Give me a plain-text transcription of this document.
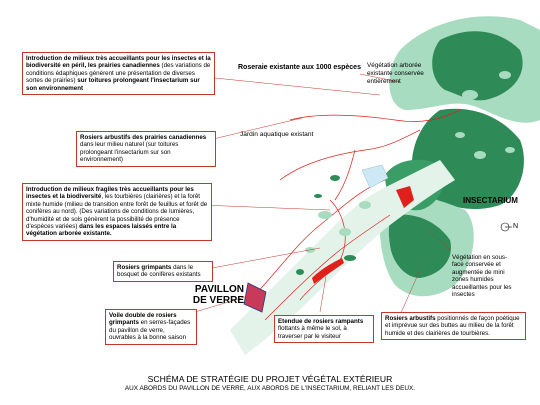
Introduction de milieux très accueillants pour les insectes et la biodiversité en péril, les prairies canadiennes (des variations de conditions édaphiques génèrent une présentation de diverses sortes de prairies) sur toitures prolongeant l'insectarium sur son environnement
Rosiers arbustifs des prairies canadiennes dans leur milieu naturel (sur toitures prolongeant l'insectarium sur son environnement)
Introduction de milieux fragiles très accueillants pour les insectes et la biodiversité, les tourbières (clairières) et la forêt mixte humide (milieu de transition entre forêt de feuillus et forêt de conifères au nord). (Des variations de conditions de lumières, d'humidité et de sols génèrent la possibilité de présence d'espèces variées) dans les espaces laissés entre la végétation arborée existante.
Rosiers grimpants dans le bosquet de conifères existants
Voile double de rosiers grimpants en serres-façades du pavillon de verre, ouvrables à la bonne saison
Etendue de rosiers rampants flottants à même le sol, à traverser par le visiteur
Rosiers arbustifs positionnés de façon poétique et imprévue sur des buttes au milieu de la forêt humide et des clairières de tourbières.
Roseraie existante aux 1000 espèces Végétation arborée existante conservée entièrement
Jardin aquatique existant
INSECTARIUM
PAVILLON
DE VERRE
Végétation en sous-face conservée et augmentée de mini zones humides accueillantes pour les insectes
N
SCHÉMA DE STRATÉGIE DU PROJET VÉGÉTAL EXTÉRIEUR
AUX ABORDS DU PAVILLON DE VERRE, AUX ABORDS DE L'INSECTARIUM, RELIANT LES DEUX.
